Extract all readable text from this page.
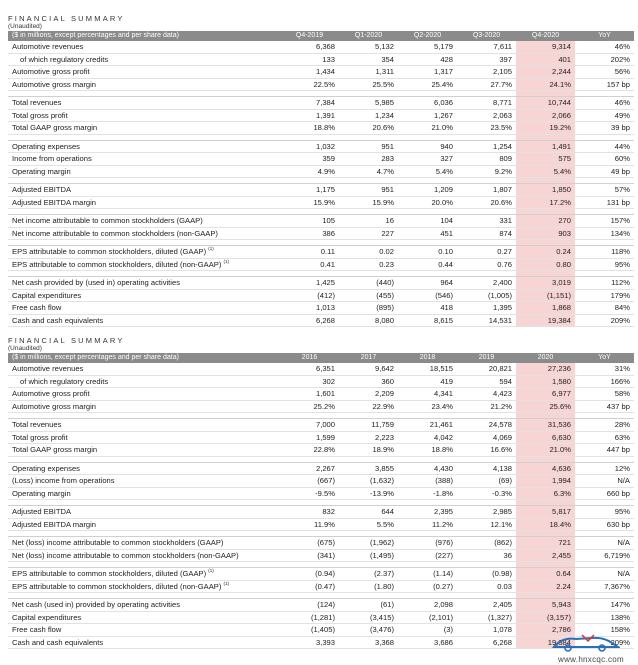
FINANCIAL SUMMARY
(Unaudited)
($ in millions, except percentages and per share data)	Q4-2019	Q1-2020	Q2-2020	Q3-2020	Q4-2020	YoY
Automotive revenues	6,368	5,132	5,179	7,611	9,314	46%
of which regulatory credits	133	354	428	397	401	202%
Automotive gross profit	1,434	1,311	1,317	2,105	2,244	56%
Automotive gross margin	22.5%	25.5%	25.4%	27.7%	24.1%	157 bp

Total revenues	7,384	5,985	6,036	8,771	10,744	46%
Total gross profit	1,391	1,234	1,267	2,063	2,066	49%
Total GAAP gross margin	18.8%	20.6%	21.0%	23.5%	19.2%	39 bp

Operating expenses	1,032	951	940	1,254	1,491	44%
Income from operations	359	283	327	809	575	60%
Operating margin	4.9%	4.7%	5.4%	9.2%	5.4%	49 bp

Adjusted EBITDA	1,175	951	1,209	1,807	1,850	57%
Adjusted EBITDA margin	15.9%	15.9%	20.0%	20.6%	17.2%	131 bp

Net income attributable to common stockholders (GAAP)	105	16	104	331	270	157%
Net income attributable to common stockholders (non-GAAP)	386	227	451	874	903	134%

EPS attributable to common stockholders, diluted (GAAP) $^{(1)}$	0.11	0.02	0.10	0.27	0.24	118%
EPS attributable to common stockholders, diluted (non-GAAP) $^{(1)}$	0.41	0.23	0.44	0.76	0.80	95%

Net cash provided by (used in) operating activities	1,425	(440)	964	2,400	3,019	112%
Capital expenditures	(412)	(455)	(546)	(1,005)	(1,151)	179%
Free cash flow	1,013	(895)	418	1,395	1,868	84%
Cash and cash equivalents	6,268	8,080	8,615	14,531	19,384	209%
FINANCIAL SUMMARY
(Unaudited)
($ in millions, except percentages and per share data)	2016	2017	2018	2019	2020	YoY
Automotive revenues	6,351	9,642	18,515	20,821	27,236	31%
of which regulatory credits	302	360	419	594	1,580	166%
Automotive gross profit	1,601	2,209	4,341	4,423	6,977	58%
Automotive gross margin	25.2%	22.9%	23.4%	21.2%	25.6%	437 bp

Total revenues	7,000	11,759	21,461	24,578	31,536	28%
Total gross profit	1,599	2,223	4,042	4,069	6,630	63%
Total GAAP gross margin	22.8%	18.9%	18.8%	16.6%	21.0%	447 bp

Operating expenses	2,267	3,855	4,430	4,138	4,636	12%
(Loss) income from operations	(667)	(1,632)	(388)	(69)	1,994	N/A
Operating margin	-9.5%	-13.9%	-1.8%	-0.3%	6.3%	660 bp

Adjusted EBITDA	832	644	2,395	2,985	5,817	95%
Adjusted EBITDA margin	11.9%	5.5%	11.2%	12.1%	18.4%	630 bp

Net (loss) income attributable to common stockholders (GAAP)	(675)	(1,962)	(976)	(862)	721	N/A
Net (loss) income attributable to common stockholders (non-GAAP)	(341)	(1,495)	(227)	36	2,455	6,719%

EPS attributable to common stockholders, diluted (GAAP) $^{(1)}$	(0.94)	(2.37)	(1.14)	(0.98)	0.64	N/A
EPS attributable to common stockholders, diluted (non-GAAP) $^{(1)}$	(0.47)	(1.80)	(0.27)	0.03	2.24	7,367%

Net cash (used in) provided by operating activities	(124)	(61)	2,098	2,405	5,943	147%
Capital expenditures	(1,281)	(3,415)	(2,101)	(1,327)	(3,157)	138%
Free cash flow	(1,405)	(3,476)	(3)	1,078	2,786	158%
Cash and cash equivalents	3,393	3,368	3,686	6,268	19,384	209%
www.hnxcqc.com
